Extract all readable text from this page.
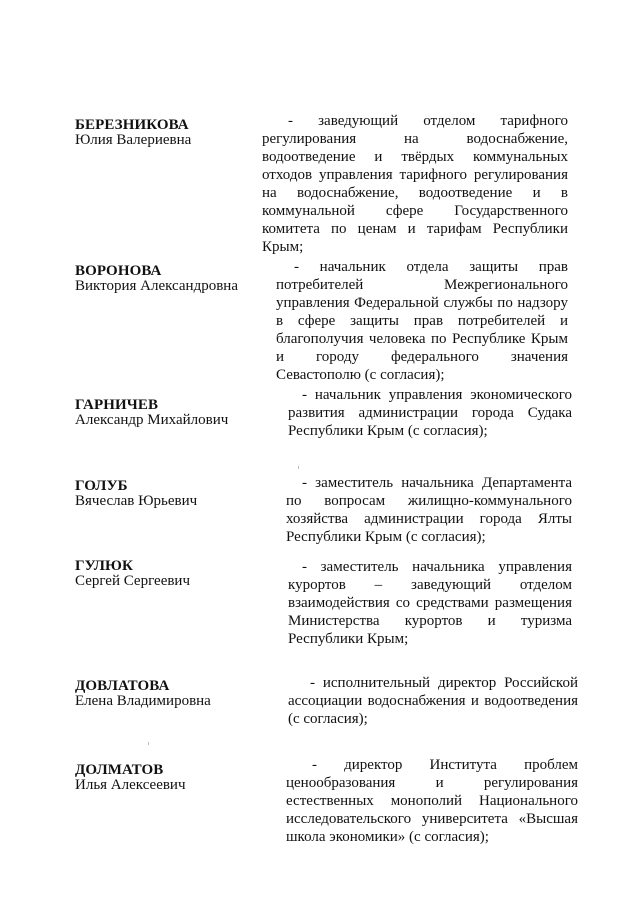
БЕРЕЗНИКОВА
Юлия Валериевна

- заведующий отделом тарифного регулирования на водоснабжение, водоотведение и твёрдых коммунальных отходов управления тарифного регулирования на водоснабжение, водоотведение и в коммунальной сфере Государственного комитета по ценам и тарифам Республики Крым;

ВОРОНОВА
Виктория Александровна

- начальник отдела защиты прав потребителей Межрегионального управления Федеральной службы по надзору в сфере защиты прав потребителей и благополучия человека по Республике Крым и городу федерального значения Севастополю (с согласия);

ГАРНИЧЕВ
Александр Михайлович

- начальник управления экономического развития администрации города Судака Республики Крым (с согласия);

ГОЛУБ
Вячеслав Юрьевич

- заместитель начальника Департамента по вопросам жилищно-коммунального хозяйства администрации города Ялты Республики Крым (с согласия);

ГУЛЮК
Сергей Сергеевич

- заместитель начальника управления курортов – заведующий отделом взаимодействия со средствами размещения Министерства курортов и туризма Республики Крым;

ДОВЛАТОВА
Елена Владимировна

- исполнительный директор Российской ассоциации водоснабжения и водоотведения (с согласия);

ДОЛМАТОВ
Илья Алексеевич

- директор Института проблем ценообразования и регулирования естественных монополий Национального исследовательского университета «Высшая школа экономики» (с согласия);
